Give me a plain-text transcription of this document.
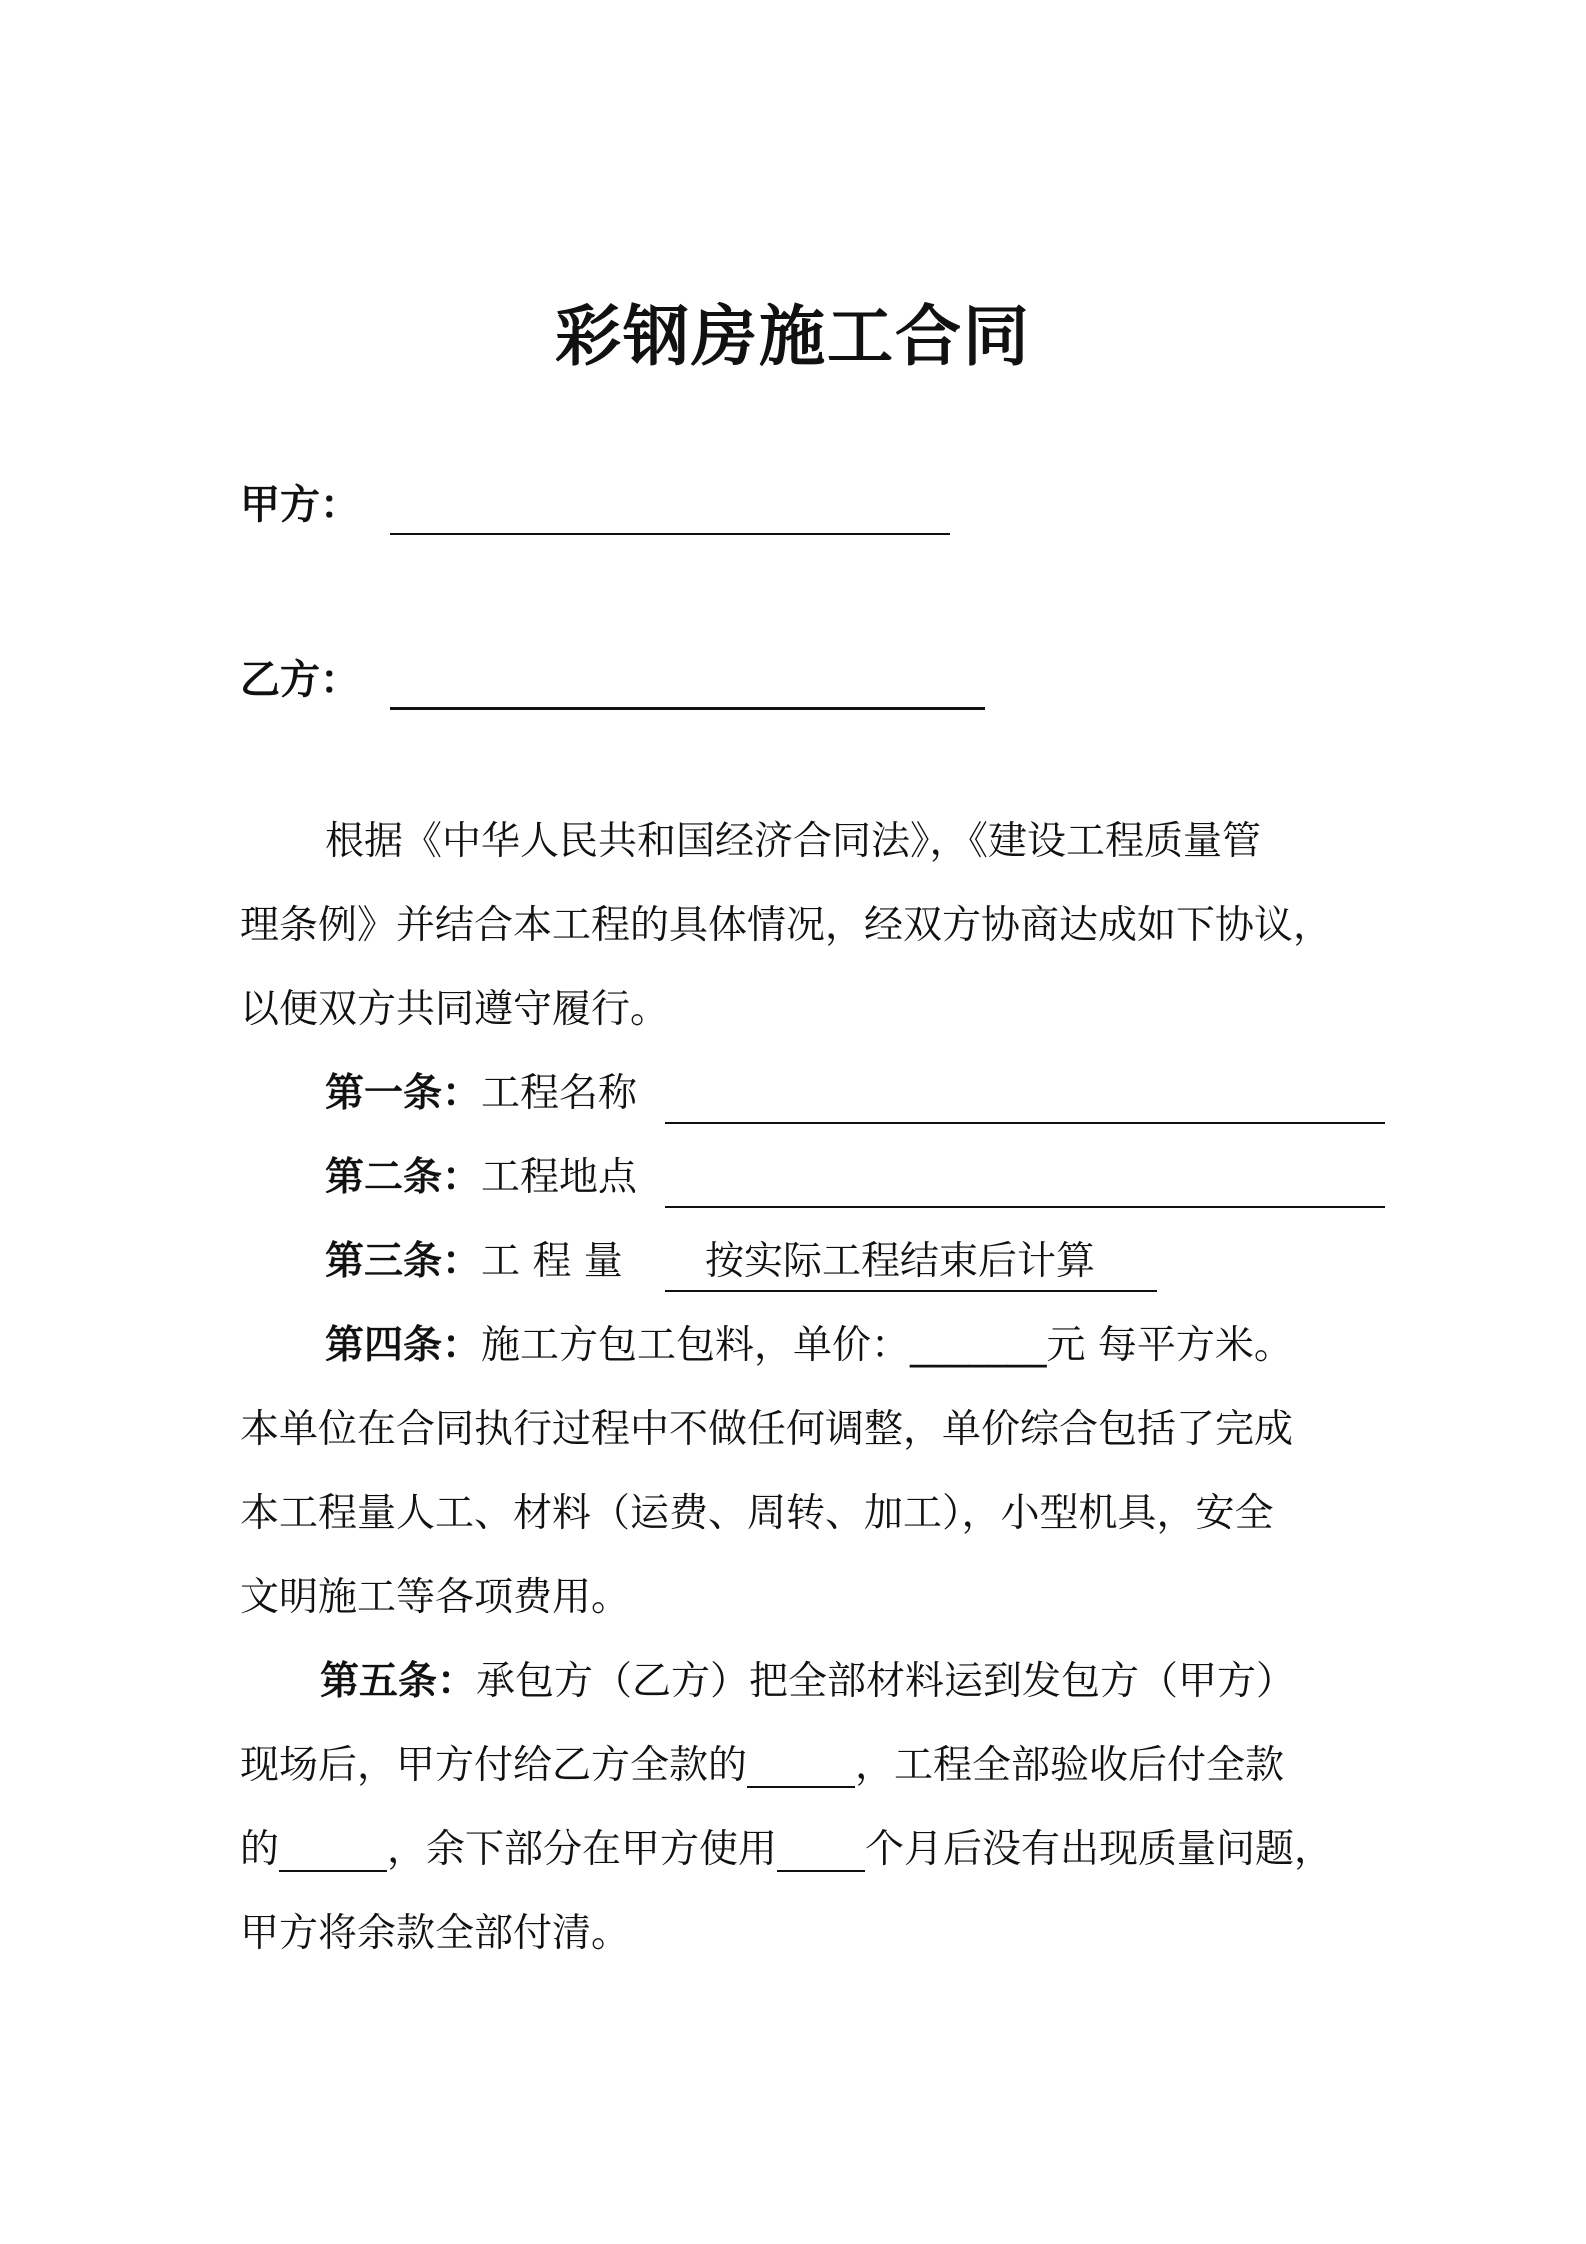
彩钢房施工合同
甲方：
乙方：
根据《中华人民共和国经济合同法》，《建设工程质量管
理条例》并结合本工程的具体情况，经双方协商达成如下协议，
以便双方共同遵守履行。
第一条：工程名称
第二条：工程地点
第三条：工 程 量 按实际工程结束后计算
第四条：施工方包工包料，单价：_______元 每平方米。
本单位在合同执行过程中不做任何调整，单价综合包括了完成
本工程量人工、材料（运费、周转、加工），小型机具，安全
文明施工等各项费用。
第五条：承包方（乙方）把全部材料运到发包方（甲方）
现场后，甲方付给乙方全款的	，工程全部验收后付全款
的	，余下部分在甲方使用 个月后没有出现质量问题，
甲方将余款全部付清。
